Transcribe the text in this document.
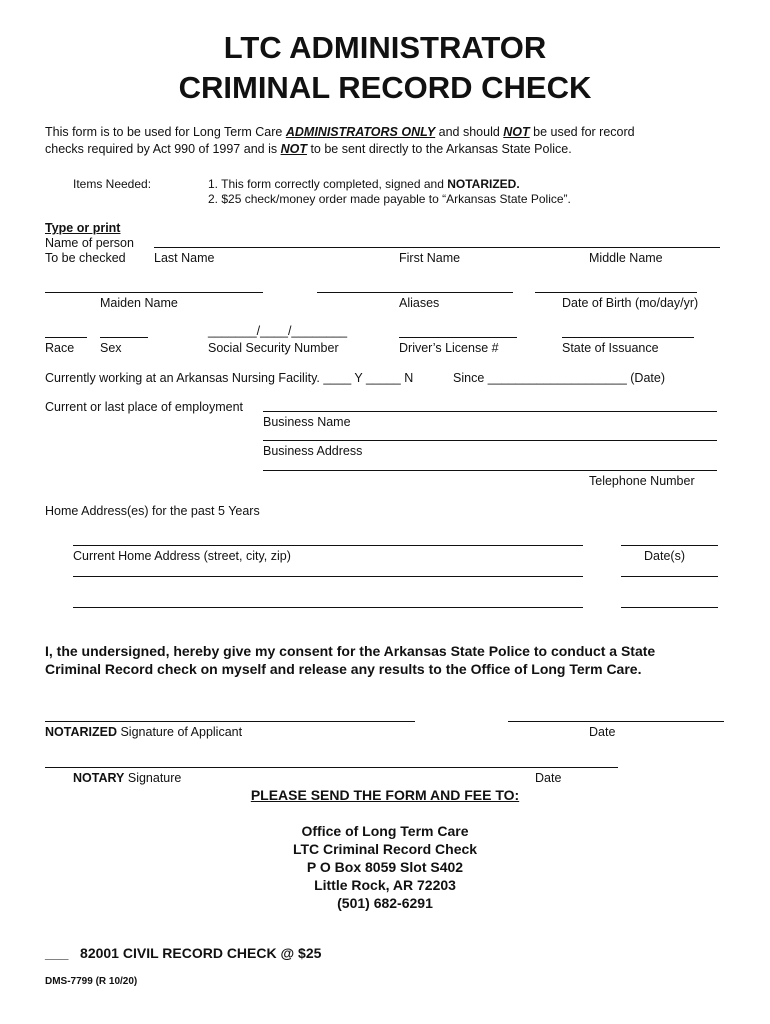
LTC ADMINISTRATOR
CRIMINAL RECORD CHECK
This form is to be used for Long Term Care ADMINISTRATORS ONLY and should NOT be used for record
checks required by Act 990 of 1997 and is NOT to be sent directly to the Arkansas State Police.
Items Needed:	1. This form correctly completed, signed and NOTARIZED.
2. $25 check/money order made payable to “Arkansas State Police”.
Type or print
Name of person
To be checked Last Name	First Name	Middle Name
Maiden Name	Aliases	Date of Birth (mo/day/yr)
_______/____/________
Race Sex	Social Security Number	Driver’s License #	State of Issuance
Currently working at an Arkansas Nursing Facility. ____ Y _____ N	Since ____________________ (Date)
Current or last place of employment
Business Name
Business Address
Telephone Number
Home Address(es) for the past 5 Years
Current Home Address (street, city, zip)	Date(s)
I, the undersigned, hereby give my consent for the Arkansas State Police to conduct a State
Criminal Record check on myself and release any results to the Office of Long Term Care.
NOTARIZED Signature of Applicant	Date
NOTARY Signature	Date
PLEASE SEND THE FORM AND FEE TO:
Office of Long Term Care
LTC Criminal Record Check
P O Box 8059 Slot S402
Little Rock, AR 72203
(501) 682-6291
___ 82001 CIVIL RECORD CHECK @ $25
DMS-7799 (R 10/20)
